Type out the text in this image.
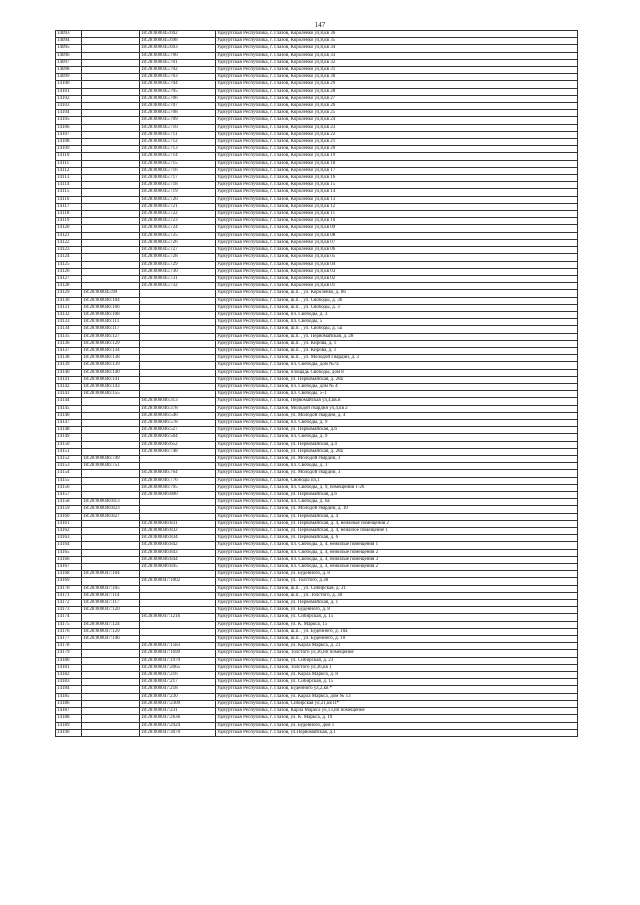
147
14093		18:28:000045:692	Удмуртская Республика, г. Глазов, Короленко ул,8,кв 36
14094		18:28:000045:698	Удмуртская Республика, г. Глазов, Короленко ул,8,кв 35
14095		18:28:000045:693	Удмуртская Республика, г. Глазов, Короленко ул,8,кв 34
14096		18:28:000045:700	Удмуртская Республика, г. Глазов, Короленко ул,8,кв 33
14097		18:28:000045:701	Удмуртская Республика, г. Глазов, Короленко ул,8,кв 32
14098		18:28:000045:702	Удмуртская Республика, г. Глазов, Короленко ул,8,кв 31
14099		18:28:000045:703	Удмуртская Республика, г. Глазов, Короленко ул,8,кв 30
14100		18:28:000045:704	Удмуртская Республика, г. Глазов, Короленко ул,8,кв 29
14101		18:28:000045:705	Удмуртская Республика, г. Глазов, Короленко ул,8,кв 28
14102		18:28:000045:706	Удмуртская Республика, г. Глазов, Короленко ул,8,кв 27
14103		18:28:000045:707	Удмуртская Республика, г. Глазов, Короленко ул,8,кв 26
14104		18:28:000045:708	Удмуртская Республика, г. Глазов, Короленко ул,8,кв 25
14105		18:28:000045:709	Удмуртская Республика, г. Глазов, Короленко ул,8,кв 24
14106		18:28:000045:710	Удмуртская Республика, г. Глазов, Короленко ул,8,кв 23
14107		18:28:000045:711	Удмуртская Республика, г. Глазов, Короленко ул,8,кв 22
14108		18:28:000045:712	Удмуртская Республика, г. Глазов, Короленко ул,8,кв 21
14109		18:28:000045:713	Удмуртская Республика, г. Глазов, Короленко ул,8,кв 20
14110		18:28:000045:714	Удмуртская Республика, г. Глазов, Короленко ул,8,кв 19
14111		18:28:000045:715	Удмуртская Республика, г. Глазов, Короленко ул,8,кв 18
14112		18:28:000045:716	Удмуртская Республика, г. Глазов, Короленко ул,8,кв 17
14113		18:28:000045:717	Удмуртская Республика, г. Глазов, Короленко ул,8,кв 16
14114		18:28:000045:718	Удмуртская Республика, г. Глазов, Короленко ул,8,кв 15
14115		18:28:000045:719	Удмуртская Республика, г. Глазов, Короленко ул,8,кв 14
14116		18:28:000045:720	Удмуртская Республика, г. Глазов, Короленко ул,8,кв 13
14117		18:28:000045:721	Удмуртская Республика, г. Глазов, Короленко ул,8,кв 12
14118		18:28:000045:722	Удмуртская Республика, г. Глазов, Короленко ул,8,кв 11
14119		18:28:000045:723	Удмуртская Республика, г. Глазов, Короленко ул,8,кв 10
14120		18:28:000045:724	Удмуртская Республика, г. Глазов, Короленко ул,8,кв 09
14121		18:28:000045:725	Удмуртская Республика, г. Глазов, Короленко ул,8,кв 08
14122		18:28:000045:726	Удмуртская Республика, г. Глазов, Короленко ул,8,кв 07
14123		18:28:000045:727	Удмуртская Республика, г. Глазов, Короленко ул,8,кв 06
14124		18:28:000045:728	Удмуртская Республика, г. Глазов, Короленко ул,8,кв 05
14125		18:28:000045:729	Удмуртская Республика, г. Глазов, Короленко ул,8,кв 04
14126		18:28:000045:730	Удмуртская Республика, г. Глазов, Короленко ул,8,кв 03
14127		18:28:000045:731	Удмуртская Республика, г. Глазов, Короленко ул,8,кв 02
14128		18:28:000045:732	Удмуртская Республика, г. Глазов, Короленко ул,8,кв 01
14129	18:28:000045:99		Удмуртская Республика, г. Глазов, ш.п. , ул. Короленко, д. 8б
14130	18:28:000046:104		Удмуртская Республика, г. Глазов, ш.п. , ул. Свободы, д. 3б
14131	18:28:000046:106		Удмуртская Республика, г. Глазов, ш.п. , ул. Свободы, д. 3
14132	18:28:000046:108		Удмуртская Республика, г. Глазов, пл. Свободы, д. 3
14133	18:28:000046:111		Удмуртская Республика, г. Глазов, пл. Свободы, 5
14134	18:28:000046:117		Удмуртская Республика, г. Глазов, ш.п. , ул. Свободы, д. 5а
14135	18:28:000046:127		Удмуртская Республика, г. Глазов, ш.п. , ул. Первомайская, д. 28
14136	18:28:000046:129		Удмуртская Республика, г. Глазов, ш.п. , ул. Кирова, д. 1
14137	18:28:000046:134		Удмуртская Республика, г. Глазов, ш.п. , ул. Кирова, д. 1
14138	18:28:000046:138		Удмуртская Республика, г. Глазов, ш.п. , ул. Молодой Гвардии, д. 3
14139	18:28:000046:139		Удмуртская Республика, г. Глазов, пл. Свободы, дом №7а
14140	18:28:000046:140		Удмуртская Республика, г. Глазов, площадь Свободы, дом 8
14141	18:28:000046:141		Удмуртская Республика, г. Глазов, ул. Первомайская, д. 28а
14142	18:28:000046:143		Удмуртская Республика, г. Глазов, пл. Свободы, дом № 4
14143	18:28:000046:155		Удмуртская Республика, г. Глазов, пл. Свободы, 5-1
14144		18:28:000046:313	Удмуртская Республика, г. Глазов, Первомайская ул,4,кв.н
14145		18:28:000046:378	Удмуртская Республика, г. Глазов, Молодой гвардии ул,4,кв 2
14146		18:28:000046:540	Удмуртская Республика, г. Глазов, ул. Молодой гвардии, д. 4
14147		18:28:000046:578	Удмуртская Республика, г. Глазов, пл. Свободы, д. 9
14148		18:28:000046:527	Удмуртская Республика, г. Глазов, ул. Первомайская, д.6
14149		18:28:000046:564	Удмуртская Республика, г. Глазов, пл. Свободы, д. 9
14150		18:28:000046:652	Удмуртская Республика, г. Глазов, ул. Первомайская, д.4
14151		18:28:000046:748	Удмуртская Республика, г. Глазов, ул. Первомайская, д. 28а
14152	18:28:000046:749		Удмуртская Республика, г. Глазов, ул. Молодой гвардии, 3
14153	18:28:000046:751		Удмуртская Республика, г. Глазов, пл. Свободы, д. 1
14154		18:28:000046:764	Удмуртская Республика, г. Глазов, ул. Молодой гвардии, 3
14155		18:28:000046:776	Удмуртская Республика, г. Глазов, Свободы пл,1
14156		18:28:000046:795	Удмуртская Республика, г. Глазов, пл. Свободы, д. 9, помещения 1-26
14157		18:28:000046:800	Удмуртская Республика, г. Глазов, ул. Первомайская, д.6
14158	18:28:000046:813		Удмуртская Республика, г. Глазов, пл. Свободы, д. 6а
14159	18:28:000046:823		Удмуртская Республика, г. Глазов, ул. Молодой гвардии, д. 10
14160	18:28:000046:827		Удмуртская Республика, г. Глазов, ул. Первомайская, д. 4
14161		18:28:000046:831	Удмуртская Республика, г. Глазов, ул. Первомайская, д. 4, нежилые помещения 2
14162		18:28:000046:832	Удмуртская Республика, г. Глазов, ул. Первомайская, д. 4, нежилое помещение 1
14163		18:28:000046:834	Удмуртская Республика, г. Глазов, ул. Первомайская, д. 6
14164		18:28:000046:842	Удмуртская Республика, г. Глазов, пл. Свободы, д. 4, нежилые помещения 1
14165		18:28:000046:843	Удмуртская Республика, г. Глазов, пл. Свободы, д. 4, нежилые помещения 2
14166		18:28:000046:844	Удмуртская Республика, г. Глазов, пл. Свободы, д. 4, нежилые помещения 3
14167		18:28:000046:845	Удмуртская Республика, г. Глазов, пл. Свободы, д. 4, нежилые помещения 2
14168	18:28:000047:104		Удмуртская Республика, г. Глазов, ул. Буденного, д. 8
14169		18:28:000047:1002	Удмуртская Республика, г. Глазов, ул. Толстого, д.38
14170	18:28:000047:105		Удмуртская Республика, г. Глазов, ш.п. , ул. Сибирская, д. 21
14171	18:28:000047:114		Удмуртская Республика, г. Глазов, ш.п. , ул. Толстого, д. 38
14172	18:28:000047:117		Удмуртская Республика, г. Глазов, ул. Первомайская, д. 1
14173	18:28:000047:120		Удмуртская Республика, г. Глазов, ул. Буденного, д. 8
14174		18:28:000047:1216	Удмуртская Республика, г. Глазов, ул. Сибирская, д. 15
14175	18:28:000047:124		Удмуртская Республика, г. Глазов, ул. К. Маркса, 15
14176	18:28:000047:129		Удмуртская Республика, г. Глазов, ш.п. , ул. Буденного, д. 10а
14177	18:28:000047:146		Удмуртская Республика, г. Глазов, ш.п. , ул. Буденного, д. 10
14178		18:28:000047:1583	Удмуртская Республика, г. Глазов, ул. Карла Маркса, д. 21
14179		18:28:000047:1699	Удмуртская Республика, г. Глазов, Толстого ул,36,нп помещение
14180		18:28:000047:1979	Удмуртская Республика, г. Глазов, ул. Сибирская, д. 23
14181		18:28:000047:2065	Удмуртская Республика, г. Глазов, Толстого ул,36,кв 1
14182		18:28:000047:216	Удмуртская Республика, г. Глазов, ул. Карла Маркса, д. 8
14183		18:28:000047:217	Удмуртская Республика, г. Глазов, ул. Сибирская, д. 15
14184		18:28:000047:218	Удмуртская Республика, г. Глазов, Буденного ул,2,кв *
14185		18:28:000047:230	Удмуртская Республика, г. Глазов, ул. Карла Маркса, дом № 13
14186		18:28:000047:2309	Удмуртская Республика, г. Глазов, Сибирская ул,21,кв П*
14187		18:28:000047:231	Удмуртская Республика, г. Глазов, Карла Маркса ул,13,нп помещение
14188		18:28:000047:2636	Удмуртская Республика, г. Глазов, ул. К. Маркса, д. 19
14189		18:28:000047:2924	Удмуртская Республика, г. Глазов, ул. Буденного, дом 1
14190		18:28:000047:3070	Удмуртская Республика, г. Глазов, ул.Первомайская, д.1
